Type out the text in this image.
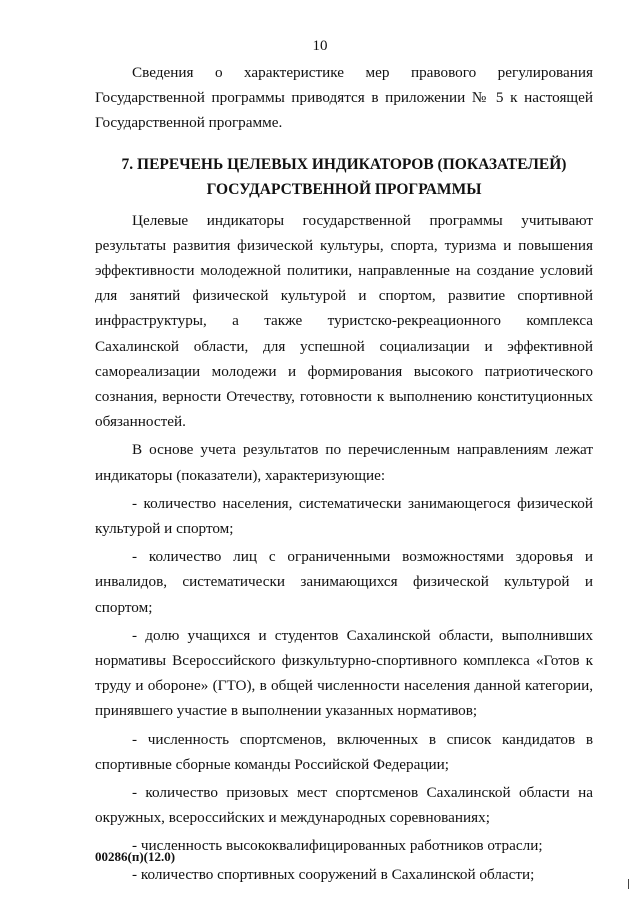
10

Сведения о характеристике мер правового регулирования Государственной программы приводятся в приложении № 5 к настоящей Государственной программе.

7. ПЕРЕЧЕНЬ ЦЕЛЕВЫХ ИНДИКАТОРОВ (ПОКАЗАТЕЛЕЙ)
ГОСУДАРСТВЕННОЙ ПРОГРАММЫ

Целевые индикаторы государственной программы учитывают результаты развития физической культуры, спорта, туризма и повышения эффективности молодежной политики, направленные на создание условий для занятий физической культурой и спортом, развитие спортивной инфраструктуры, а также туристско-рекреационного комплекса Сахалинской области, для успешной социализации и эффективной самореализации молодежи и формирования высокого патриотического сознания, верности Отечеству, готовности к выполнению конституционных обязанностей.

В основе учета результатов по перечисленным направлениям лежат индикаторы (показатели), характеризующие:

- количество населения, систематически занимающегося физической культурой и спортом;

- количество лиц с ограниченными возможностями здоровья и инвалидов, систематически занимающихся физической культурой и спортом;

- долю учащихся и студентов Сахалинской области, выполнивших нормативы Всероссийского физкультурно-спортивного комплекса «Готов к труду и обороне» (ГТО), в общей численности населения данной категории, принявшего участие в выполнении указанных нормативов;

- численность спортсменов, включенных в список кандидатов в спортивные сборные команды Российской Федерации;

- количество призовых мест спортсменов Сахалинской области на окружных, всероссийских и международных соревнованиях;

- численность высококвалифицированных работников отрасли;

- количество спортивных сооружений в Сахалинской области;

00286(п)(12.0)
